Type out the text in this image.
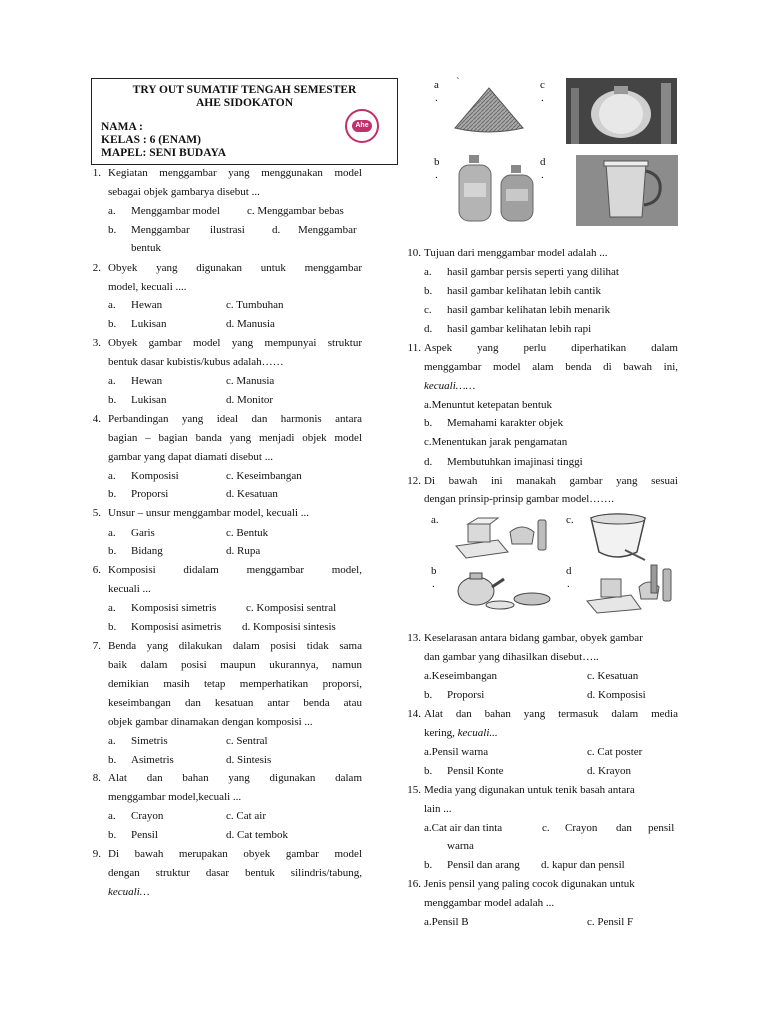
TRY OUT SUMATIF TENGAH SEMESTER
AHE SIDOKATON
NAMA :
KELAS : 6 (ENAM)
MAPEL: SENI BUDAYA
Ahe
1. Kegiatan menggambar yang menggunakan model
sebagai objek gambarya disebut ...
a. Menggambar model c. Menggambar bebas
b. Menggambar ilustrasi d. Menggambar
bentuk
2. Obyek yang digunakan untuk menggambar
model, kecuali ....
a. Hewan	c. Tumbuhan
b. Lukisan	d. Manusia
3. Obyek gambar model yang mempunyai struktur
bentuk dasar kubistis/kubus adalah……
a. Hewan	c. Manusia
b. Lukisan	d. Monitor
4. Perbandingan yang ideal dan harmonis antara
bagian – bagian banda yang menjadi objek model
gambar yang dapat diamati disebut ...
a. Komposisi	c. Keseimbangan
b. Proporsi	d. Kesatuan
5. Unsur – unsur menggambar model, kecuali ...
a. Garis	c. Bentuk
b. Bidang	d. Rupa
6. Komposisi didalam menggambar model,
kecuali ...
a. Komposisi simetris	c. Komposisi sentral
b. Komposisi asimetris d. Komposisi sintesis
7. Benda yang dilakukan dalam posisi tidak sama
baik dalam posisi maupun ukurannya, namun
demikian masih tetap memperhatikan proporsi,
keseimbangan dan kesatuan antar benda atau
objek gambar dinamakan dengan komposisi ...
a. Simetris	c. Sentral
b. Asimetris	d. Sintesis
8. Alat dan bahan yang digunakan dalam
menggambar model,kecuali ...
a. Crayon	c. Cat air
b. Pensil	d. Cat tembok
9. Di bawah merupakan obyek gambar model
dengan struktur dasar bentuk silindris/tabung,
kecuali…
a
.
`	c
.
b
.
d
.
10. Tujuan dari menggambar model adalah ...
a. hasil gambar persis seperti yang dilihat
b. hasil gambar kelihatan lebih cantik
c. hasil gambar kelihatan lebih menarik
d. hasil gambar kelihatan lebih rapi
11. Aspek yang perlu diperhatikan dalam
menggambar model alam benda di bawah ini,
kecuali……
a.Menuntut ketepatan bentuk
b. Memahami karakter objek
c.Menentukan jarak pengamatan
d. Membutuhkan imajinasi tinggi
12. Di bawah ini manakah gambar yang sesuai
dengan prinsip-prinsip gambar model…….
a.	c.
b
.
d
.
13. Keselarasan antara bidang gambar, obyek gambar
dan gambar yang dihasilkan disebut…..
a.Keseimbangan	c. Kesatuan
b. Proporsi	d. Komposisi
14. Alat dan bahan yang termasuk dalam media
kering, kecuali...
a.Pensil warna	c. Cat poster
b. Pensil Konte	d. Krayon
15. Media yang digunakan untuk tenik basah antara
lain ...
a.Cat air dan tinta	c. Crayon dan pensil
warna
b. Pensil dan arang d. kapur dan pensil
16. Jenis pensil yang paling cocok digunakan untuk
menggambar model adalah ...
a.Pensil B	c. Pensil F
